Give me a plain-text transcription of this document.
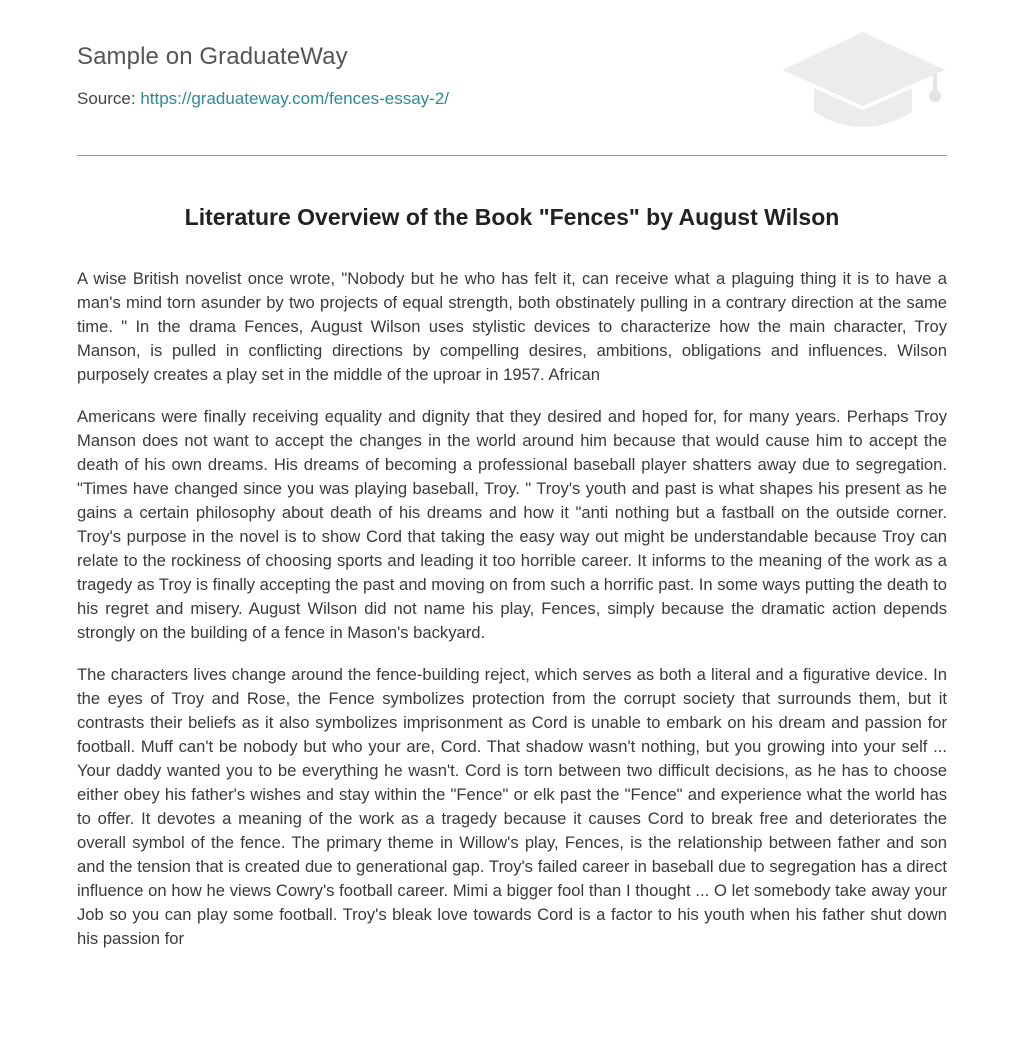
Sample on GraduateWay
Source: https://graduateway.com/fences-essay-2/
Literature Overview of the Book "Fences" by August Wilson

A wise British novelist once wrote, "Nobody but he who has felt it, can receive what a plaguing thing it is to have a man's mind torn asunder by two projects of equal strength, both obstinately pulling in a contrary direction at the same time. " In the drama Fences, August Wilson uses stylistic devices to characterize how the main character, Troy Manson, is pulled in conflicting directions by compelling desires, ambitions, obligations and influences. Wilson purposely creates a play set in the middle of the uproar in 1957. African

Americans were finally receiving equality and dignity that they desired and hoped for, for many years. Perhaps Troy Manson does not want to accept the changes in the world around him because that would cause him to accept the death of his own dreams. His dreams of becoming a professional baseball player shatters away due to segregation. "Times have changed since you was playing baseball, Troy. " Troy's youth and past is what shapes his present as he gains a certain philosophy about death of his dreams and how it "anti nothing but a fastball on the outside corner. Troy's purpose in the novel is to show Cord that taking the easy way out might be understandable because Troy can relate to the rockiness of choosing sports and leading it too horrible career. It informs to the meaning of the work as a tragedy as Troy is finally accepting the past and moving on from such a horrific past. In some ways putting the death to his regret and misery. August Wilson did not name his play, Fences, simply because the dramatic action depends strongly on the building of a fence in Mason's backyard.

The characters lives change around the fence-building reject, which serves as both a literal and a figurative device. In the eyes of Troy and Rose, the Fence symbolizes protection from the corrupt society that surrounds them, but it contrasts their beliefs as it also symbolizes imprisonment as Cord is unable to embark on his dream and passion for football. Muff can't be nobody but who your are, Cord. That shadow wasn't nothing, but you growing into your self ... Your daddy wanted you to be everything he wasn't. Cord is torn between two difficult decisions, as he has to choose either obey his father's wishes and stay within the "Fence" or elk past the "Fence" and experience what the world has to offer. It devotes a meaning of the work as a tragedy because it causes Cord to break free and deteriorates the overall symbol of the fence. The primary theme in Willow's play, Fences, is the relationship between father and son and the tension that is created due to generational gap. Troy's failed career in baseball due to segregation has a direct influence on how he views Cowry's football career. Mimi a bigger fool than I thought ... O let somebody take away your Job so you can play some football. Troy's bleak love towards Cord is a factor to his youth when his father shut down his passion for
